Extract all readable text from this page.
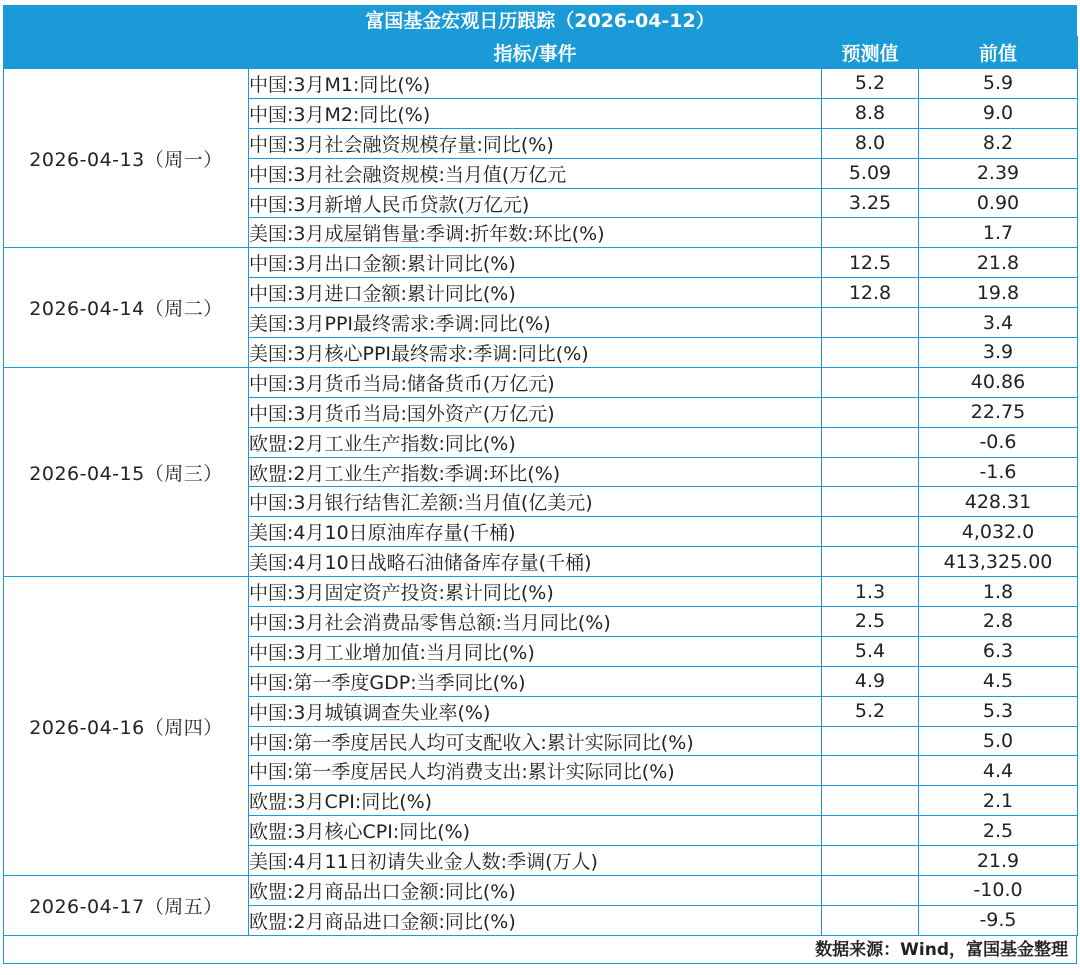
富国基金宏观日历跟踪（2026-04-12）
	指标/事件	预测值	前值
2026-04-13（周一）	中国:3月M1:同比(%)	5.2	5.9
	中国:3月M2:同比(%)	8.8	9.0
	中国:3月社会融资规模存量:同比(%)	8.0	8.2
	中国:3月社会融资规模:当月值(万亿元	5.09	2.39
	中国:3月新增人民币贷款(万亿元)	3.25	0.90
	美国:3月成屋销售量:季调:折年数:环比(%)		1.7
2026-04-14（周二）	中国:3月出口金额:累计同比(%)	12.5	21.8
	中国:3月进口金额:累计同比(%)	12.8	19.8
	美国:3月PPI最终需求:季调:同比(%)		3.4
	美国:3月核心PPI最终需求:季调:同比(%)		3.9
2026-04-15（周三）	中国:3月货币当局:储备货币(万亿元)		40.86
	中国:3月货币当局:国外资产(万亿元)		22.75
	欧盟:2月工业生产指数:同比(%)		-0.6
	欧盟:2月工业生产指数:季调:环比(%)		-1.6
	中国:3月银行结售汇差额:当月值(亿美元)		428.31
	美国:4月10日原油库存量(千桶)		4,032.0
	美国:4月10日战略石油储备库存量(千桶)		413,325.00
2026-04-16（周四）	中国:3月固定资产投资:累计同比(%)	1.3	1.8
	中国:3月社会消费品零售总额:当月同比(%)	2.5	2.8
	中国:3月工业增加值:当月同比(%)	5.4	6.3
	中国:第一季度GDP:当季同比(%)	4.9	4.5
	中国:3月城镇调查失业率(%)	5.2	5.3
	中国:第一季度居民人均可支配收入:累计实际同比(%)		5.0
	中国:第一季度居民人均消费支出:累计实际同比(%)		4.4
	欧盟:3月CPI:同比(%)		2.1
	欧盟:3月核心CPI:同比(%)		2.5
	美国:4月11日初请失业金人数:季调(万人)		21.9
2026-04-17（周五）	欧盟:2月商品出口金额:同比(%)		-10.0
	欧盟:2月商品进口金额:同比(%)		-9.5
数据来源：Wind，富国基金整理
